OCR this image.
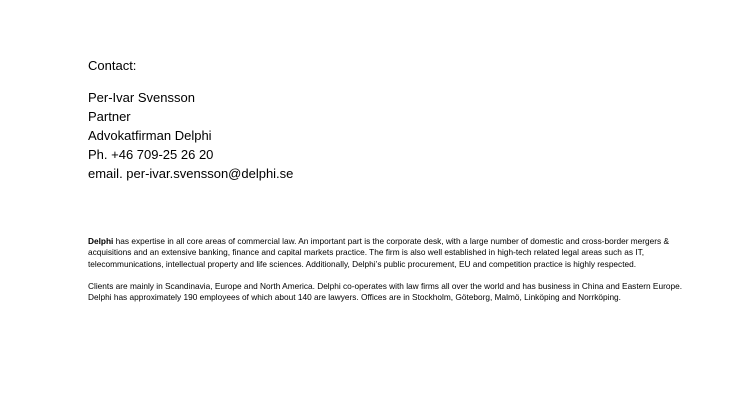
Contact:
Per-Ivar Svensson
Partner
Advokatfirman Delphi
Ph. +46 709-25 26 20
email. per-ivar.svensson@delphi.se

Delphi has expertise in all core areas of commercial law. An important part is the corporate desk, with a large number of domestic and cross-border mergers & acquisitions and an extensive banking, finance and capital markets practice. The firm is also well established in high-tech related legal areas such as IT, telecommunications, intellectual property and life sciences. Additionally, Delphi’s public procurement, EU and competition practice is highly respected.

Clients are mainly in Scandinavia, Europe and North America. Delphi co-operates with law firms all over the world and has business in China and Eastern Europe. Delphi has approximately 190 employees of which about 140 are lawyers. Offices are in Stockholm, Göteborg, Malmö, Linköping and Norrköping.
